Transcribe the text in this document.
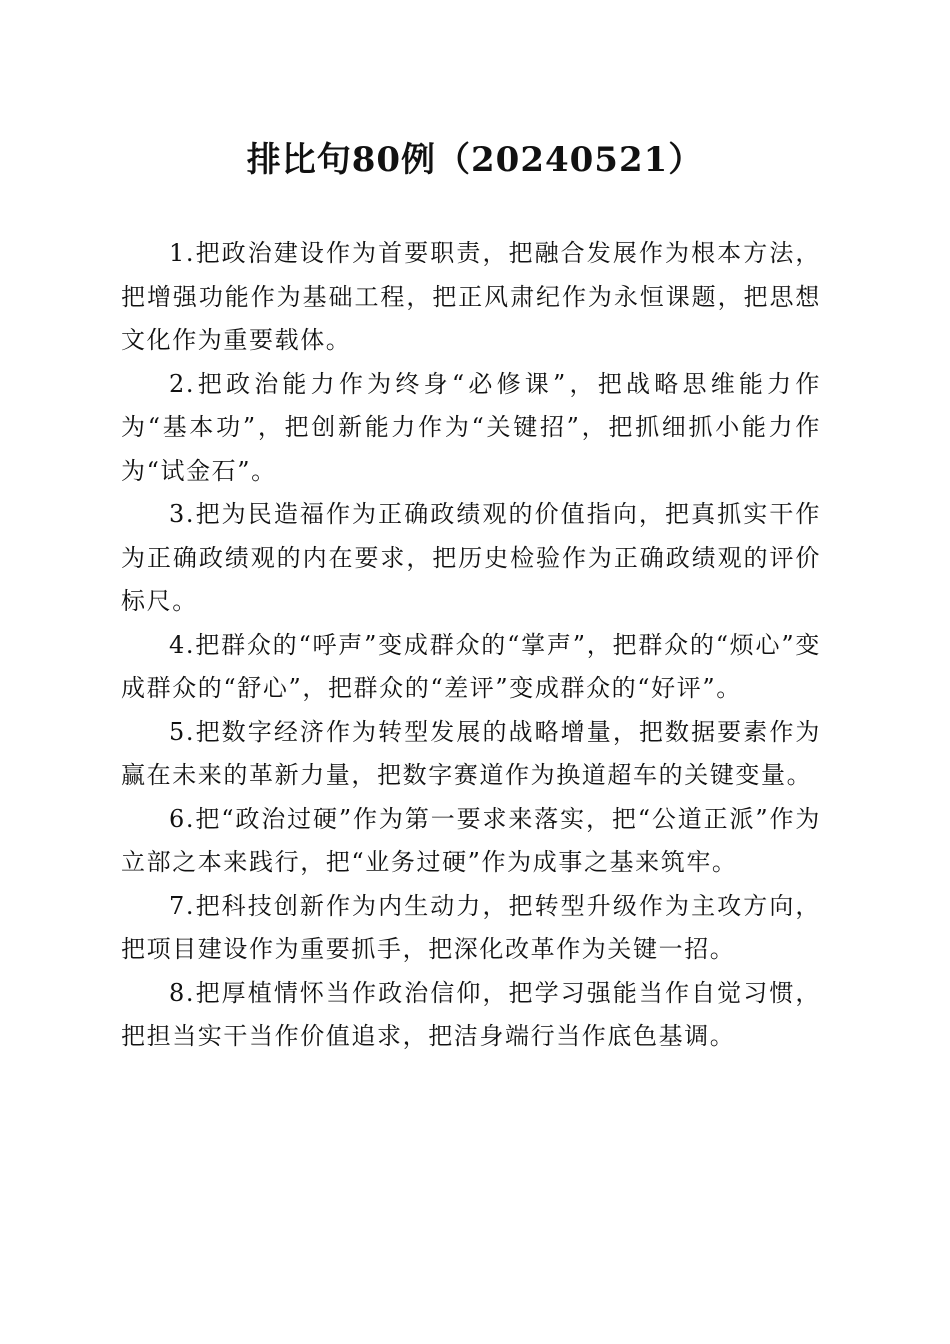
排比句80例（20240521）

1.把政治建设作为首要职责，把融合发展作为根本方法，把增强功能作为基础工程，把正风肃纪作为永恒课题，把思想文化作为重要载体。

2.把政治能力作为终身“必修课”，把战略思维能力作为“基本功”，把创新能力作为“关键招”，把抓细抓小能力作为“试金石”。

3.把为民造福作为正确政绩观的价值指向，把真抓实干作为正确政绩观的内在要求，把历史检验作为正确政绩观的评价标尺。

4.把群众的“呼声”变成群众的“掌声”，把群众的“烦心”变成群众的“舒心”，把群众的“差评”变成群众的“好评”。

5.把数字经济作为转型发展的战略增量，把数据要素作为赢在未来的革新力量，把数字赛道作为换道超车的关键变量。

6.把“政治过硬”作为第一要求来落实，把“公道正派”作为立部之本来践行，把“业务过硬”作为成事之基来筑牢。

7.把科技创新作为内生动力，把转型升级作为主攻方向，把项目建设作为重要抓手，把深化改革作为关键一招。

8.把厚植情怀当作政治信仰，把学习强能当作自觉习惯，把担当实干当作价值追求，把洁身端行当作底色基调。
